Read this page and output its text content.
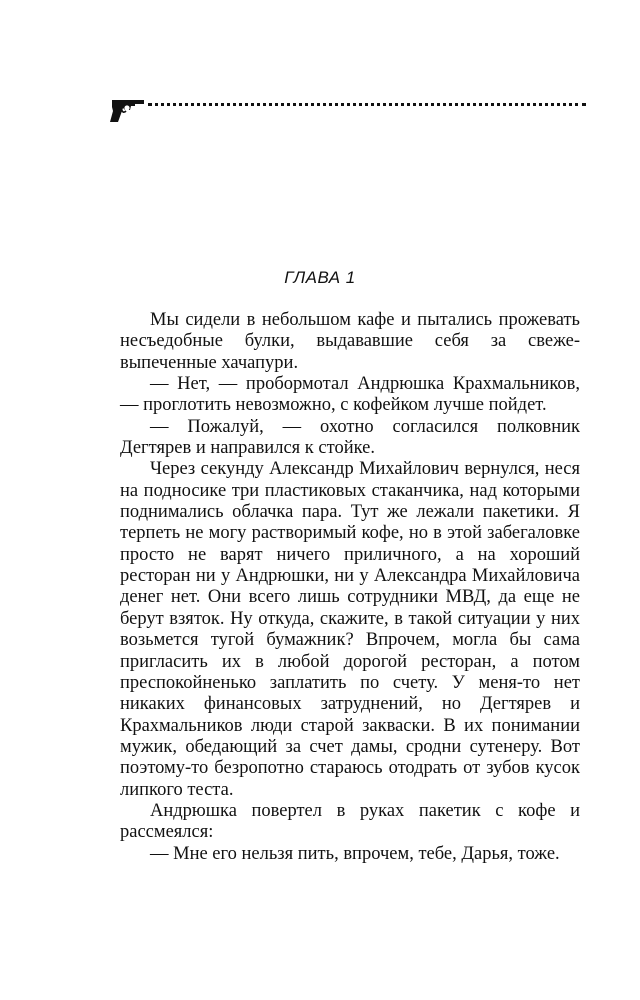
ГЛАВА 1

Мы сидели в небольшом кафе и пытались прожевать несъедобные булки, выдававшие себя за свежевыпеченные хачапури.

— Нет, — пробормотал Андрюшка Крахмальников, — проглотить невозможно, с кофейком лучше пойдет.

— Пожалуй, — охотно согласился полковник Дегтярев и направился к стойке.

Через секунду Александр Михайлович вернулся, неся на подносике три пластиковых стаканчика, над которыми поднимались облачка пара. Тут же лежали пакетики. Я терпеть не могу растворимый кофе, но в этой забегаловке просто не варят ничего приличного, а на хороший ресторан ни у Андрюшки, ни у Александра Михайловича денег нет. Они всего лишь сотрудники МВД, да еще не берут взяток. Ну откуда, скажите, в такой ситуации у них возьмется тугой бумажник? Впрочем, могла бы сама пригласить их в любой дорогой ресторан, а потом преспокойненько заплатить по счету. У меня-то нет никаких финансовых затруднений, но Дегтярев и Крахмальников люди старой закваски. В их понимании мужик, обедающий за счет дамы, сродни сутенеру. Вот поэтому-то безропотно стараюсь отодрать от зубов кусок липкого теста.

Андрюшка повертел в руках пакетик с кофе и рассмеялся:

— Мне его нельзя пить, впрочем, тебе, Дарья, тоже.
